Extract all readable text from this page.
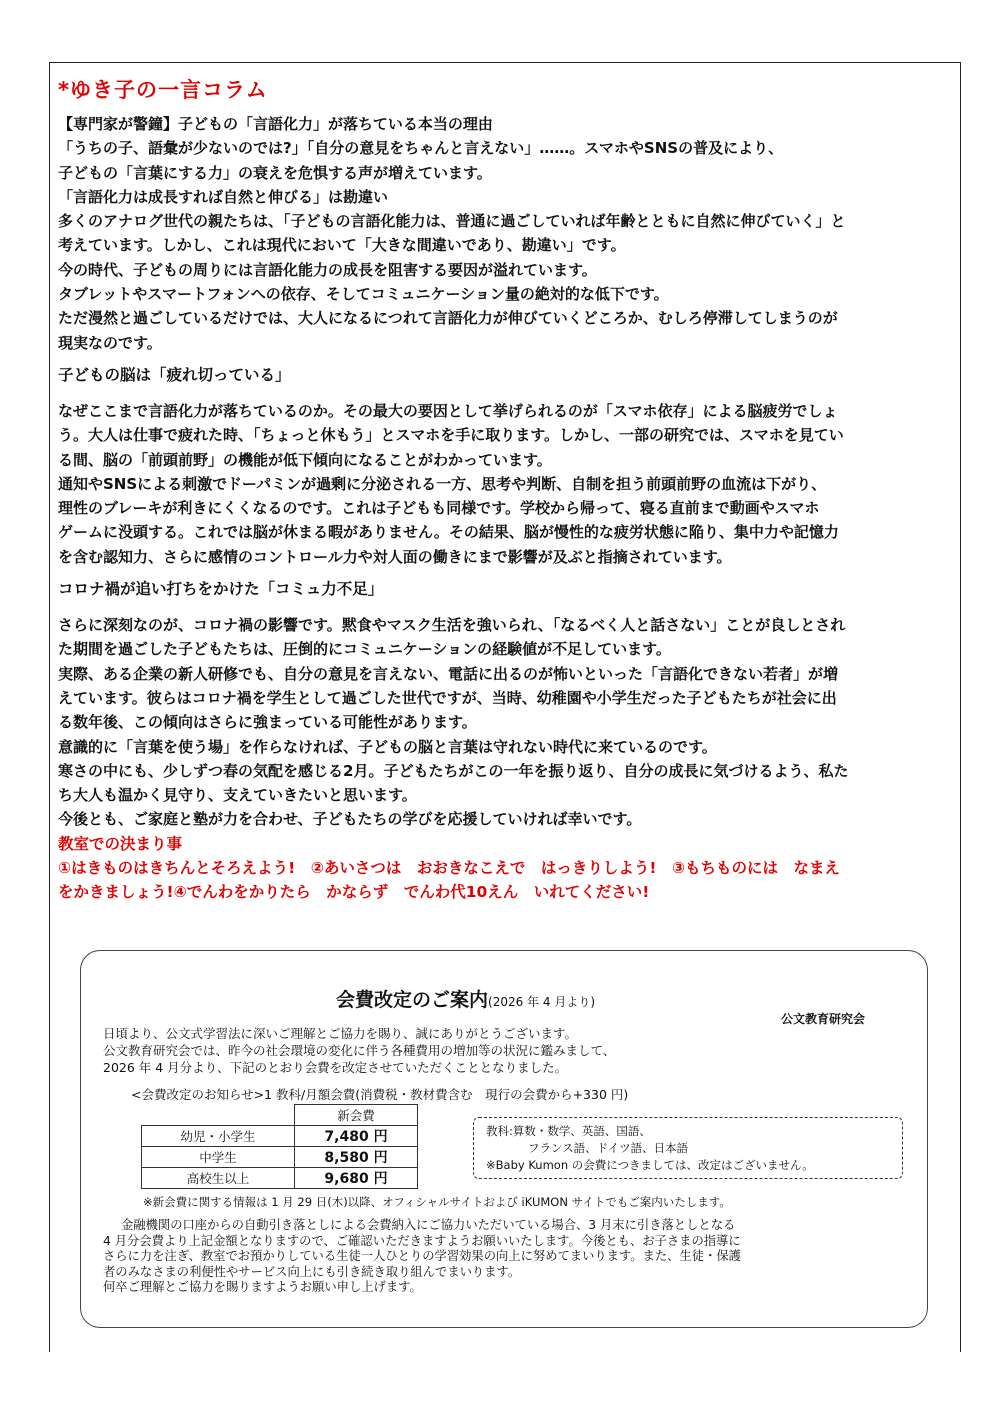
*ゆき子の一言コラム

【専門家が警鐘】子どもの「言語化力」が落ちている本当の理由

「うちの子、語彙が少ないのでは?」「自分の意見をちゃんと言えない」……。スマホやSNSの普及により、

子どもの「言葉にする力」の衰えを危惧する声が増えています。

「言語化力は成長すれば自然と伸びる」は勘違い

多くのアナログ世代の親たちは、「子どもの言語化能力は、普通に過ごしていれば年齢とともに自然に伸びていく」と

考えています。しかし、これは現代において「大きな間違いであり、勘違い」です。

今の時代、子どもの周りには言語化能力の成長を阻害する要因が溢れています。

タブレットやスマートフォンへの依存、そしてコミュニケーション量の絶対的な低下です。

ただ漫然と過ごしているだけでは、大人になるにつれて言語化力が伸びていくどころか、むしろ停滞してしまうのが

現実なのです。

子どもの脳は「疲れ切っている」

なぜここまで言語化力が落ちているのか。その最大の要因として挙げられるのが「スマホ依存」による脳疲労でしょ

う。大人は仕事で疲れた時、「ちょっと休もう」とスマホを手に取ります。しかし、一部の研究では、スマホを見てい

る間、脳の「前頭前野」の機能が低下傾向になることがわかっています。

通知やSNSによる刺激でドーパミンが過剰に分泌される一方、思考や判断、自制を担う前頭前野の血流は下がり、

理性のブレーキが利きにくくなるのです。これは子どもも同様です。学校から帰って、寝る直前まで動画やスマホ

ゲームに没頭する。これでは脳が休まる暇がありません。その結果、脳が慢性的な疲労状態に陥り、集中力や記憶力

を含む認知力、さらに感情のコントロール力や対人面の働きにまで影響が及ぶと指摘されています。

コロナ禍が追い打ちをかけた「コミュ力不足」

さらに深刻なのが、コロナ禍の影響です。黙食やマスク生活を強いられ、「なるべく人と話さない」ことが良しとされ

た期間を過ごした子どもたちは、圧倒的にコミュニケーションの経験値が不足しています。

実際、ある企業の新人研修でも、自分の意見を言えない、電話に出るのが怖いといった「言語化できない若者」が増

えています。彼らはコロナ禍を学生として過ごした世代ですが、当時、幼稚園や小学生だった子どもたちが社会に出

る数年後、この傾向はさらに強まっている可能性があります。

意識的に「言葉を使う場」を作らなければ、子どもの脳と言葉は守れない時代に来ているのです。

寒さの中にも、少しずつ春の気配を感じる2月。子どもたちがこの一年を振り返り、自分の成長に気づけるよう、私た

ち大人も温かく見守り、支えていきたいと思います。

今後とも、ご家庭と塾が力を合わせ、子どもたちの学びを応援していければ幸いです。

教室での決まり事

①はきものはきちんとそろえよう!　②あいさつは　おおきなこえで　はっきりしよう!　③もちものには　なまえ

をかきましょう!④でんわをかりたら　かならず　でんわ代10えん　いれてください!

会費改定のご案内(2026 年 4 月より)
公文教育研究会
日頃より、公文式学習法に深いご理解とご協力を賜り、誠にありがとうございます。
公文教育研究会では、昨今の社会環境の変化に伴う各種費用の増加等の状況に鑑みまして、
2026 年 4 月分より、下記のとおり会費を改定させていただくこととなりました。
<会費改定のお知らせ>1 教科/月額会費(消費税・教材費含む　現行の会費から+330 円)
	新会費
幼児・小学生	7,480 円
中学生	8,580 円
高校生以上	9,680 円
教科:算数・数学、英語、国語、
フランス語、ドイツ語、日本語
※Baby Kumon の会費につきましては、改定はございません。
※新会費に関する情報は 1 月 29 日(木)以降、オフィシャルサイトおよび iKUMON サイトでもご案内いたします。
金融機関の口座からの自動引き落としによる会費納入にご協力いただいている場合、3 月末に引き落としとなる
4 月分会費より上記金額となりますので、ご確認いただきますようお願いいたします。今後とも、お子さまの指導に
さらに力を注ぎ、教室でお預かりしている生徒一人ひとりの学習効果の向上に努めてまいります。また、生徒・保護
者のみなさまの利便性やサービス向上にも引き続き取り組んでまいります。
何卒ご理解とご協力を賜りますようお願い申し上げます。
